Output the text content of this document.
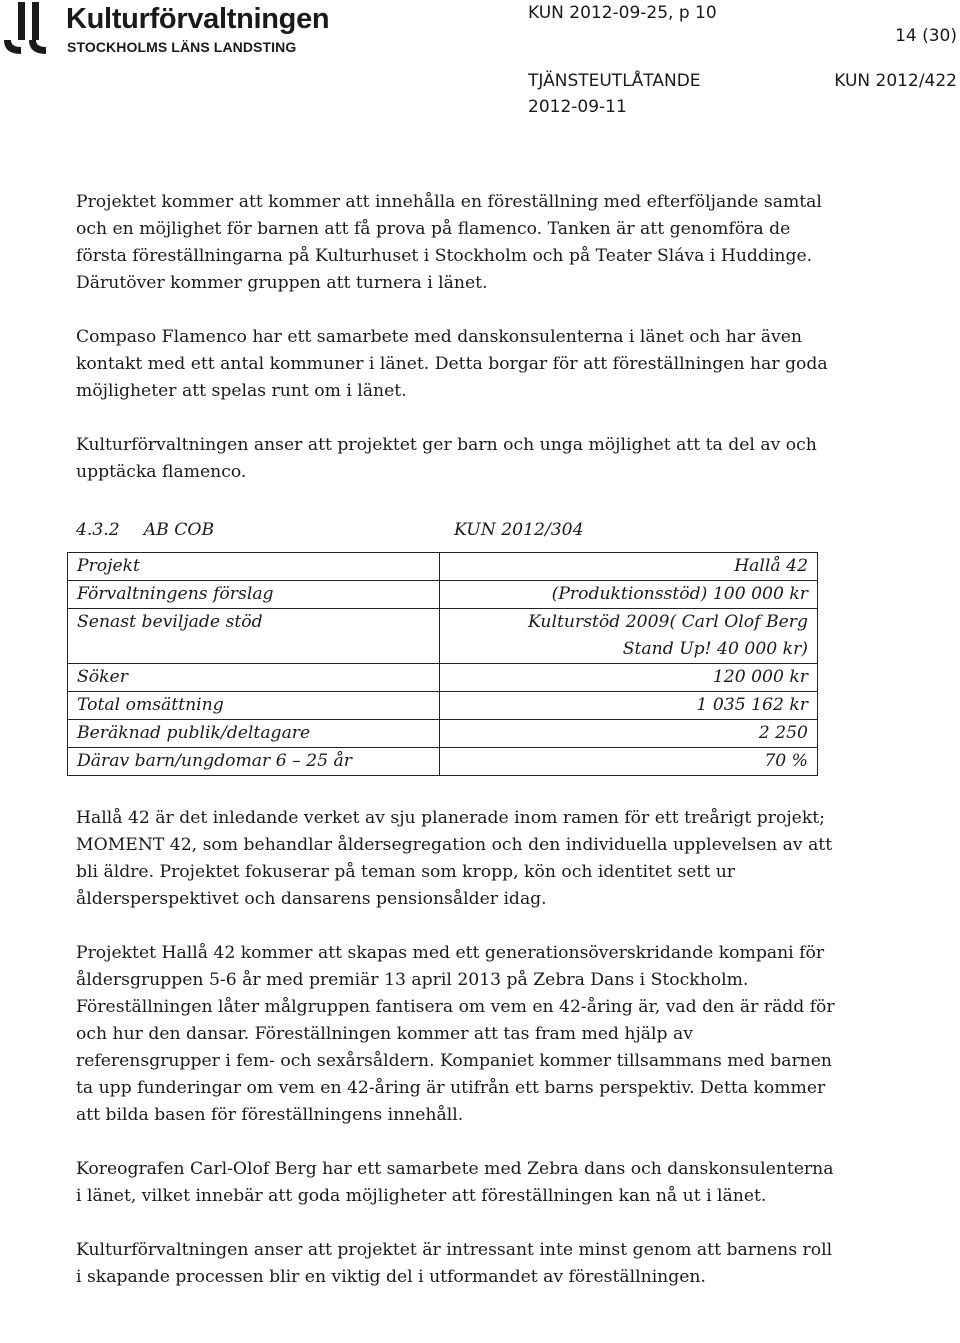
Kulturförvaltningen
STOCKHOLMS LÄNS LANDSTING
KUN 2012-09-25, p 10
14 (30)
TJÄNSTEUTLÅTANDE	KUN 2012/422
2012-09-11

Projektet kommer att kommer att innehålla en föreställning med efterföljande samtal och en möjlighet för barnen att få prova på flamenco. Tanken är att genomföra de första föreställningarna på Kulturhuset i Stockholm och på Teater Sláva i Huddinge. Därutöver kommer gruppen att turnera i länet.

Compaso Flamenco har ett samarbete med danskonsulenterna i länet och har även kontakt med ett antal kommuner i länet. Detta borgar för att föreställningen har goda möjligheter att spelas runt om i länet.

Kulturförvaltningen anser att projektet ger barn och unga möjlighet att ta del av och upptäcka flamenco.

4.3.2 AB COB	KUN 2012/304
Projekt	Hallå 42
Förvaltningens förslag	(Produktionsstöd) 100 000 kr
Senast beviljade stöd	Kulturstöd 2009( Carl Olof Berg Stand Up! 40 000 kr)
Söker	120 000 kr
Total omsättning	1 035 162 kr
Beräknad publik/deltagare	2 250
Därav barn/ungdomar 6 – 25 år	70 %

Hallå 42 är det inledande verket av sju planerade inom ramen för ett treårigt projekt; MOMENT 42, som behandlar åldersegregation och den individuella upplevelsen av att bli äldre. Projektet fokuserar på teman som kropp, kön och identitet sett ur åldersperspektivet och dansarens pensionsålder idag.

Projektet Hallå 42 kommer att skapas med ett generationsöverskridande kompani för åldersgruppen 5-6 år med premiär 13 april 2013 på Zebra Dans i Stockholm. Föreställningen låter målgruppen fantisera om vem en 42-åring är, vad den är rädd för och hur den dansar. Föreställningen kommer att tas fram med hjälp av referensgrupper i fem- och sexårsåldern. Kompaniet kommer tillsammans med barnen ta upp funderingar om vem en 42-åring är utifrån ett barns perspektiv. Detta kommer att bilda basen för föreställningens innehåll.

Koreografen Carl-Olof Berg har ett samarbete med Zebra dans och danskonsulenterna i länet, vilket innebär att goda möjligheter att föreställningen kan nå ut i länet.

Kulturförvaltningen anser att projektet är intressant inte minst genom att barnens roll i skapande processen blir en viktig del i utformandet av föreställningen.
